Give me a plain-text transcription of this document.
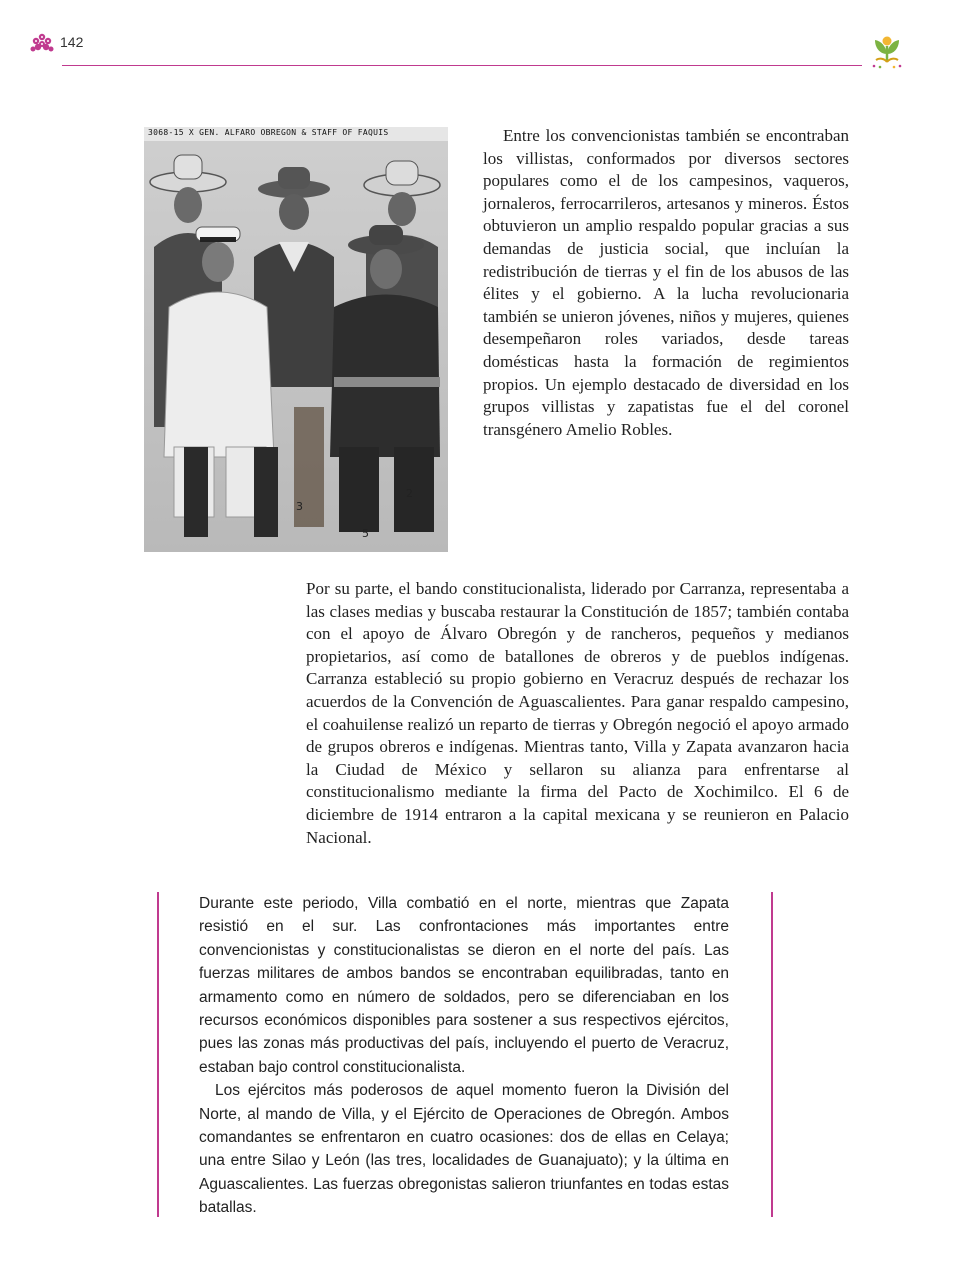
142
3
5
2
3068-15 X GEN. ALFARO OBREGON & STAFF OF FAQUIS	Entre los convencionistas también se encontraban los villistas, conformados por diversos sectores populares como el de los campesinos, vaqueros, jornaleros, ferrocarrileros, artesanos y mineros. Éstos obtuvieron un amplio respaldo popular gracias a sus demandas de justicia social, que incluían la redistribución de tierras y el fin de los abusos de las élites y el gobierno. A la lucha revolucionaria también se unieron jóvenes, niños y mujeres, quienes desempeñaron roles variados, desde tareas domésticas hasta la formación de regimientos propios. Un ejemplo destacado de diversidad en los grupos villistas y zapatistas fue el del coronel transgénero Amelio Robles.

Por su parte, el bando constitucionalista, liderado por Carranza, representaba a las clases medias y buscaba restaurar la Constitución de 1857; también contaba con el apoyo de Álvaro Obregón y de rancheros, pequeños y medianos propietarios, así como de batallones de obreros y de pueblos indígenas. Carranza estableció su propio gobierno en Veracruz después de rechazar los acuerdos de la Convención de Aguascalientes. Para ganar respaldo campesino, el coahuilense realizó un reparto de tierras y Obregón negoció el apoyo armado de grupos obreros e indígenas. Mientras tanto, Villa y Zapata avanzaron hacia la Ciudad de México y sellaron su alianza para enfrentarse al constitucionalismo mediante la firma del Pacto de Xochimilco. El 6 de diciembre de 1914 entraron a la capital mexicana y se reunieron en Palacio Nacional.

Durante este periodo, Villa combatió en el norte, mientras que Zapata resistió en el sur. Las confrontaciones más importantes entre convencionistas y constitucionalistas se dieron en el norte del país. Las fuerzas militares de ambos bandos se encontraban equilibradas, tanto en armamento como en número de soldados, pero se diferenciaban en los recursos económicos disponibles para sostener a sus respectivos ejércitos, pues las zonas más productivas del país, incluyendo el puerto de Veracruz, estaban bajo control constitucionalista.

Los ejércitos más poderosos de aquel momento fueron la División del Norte, al mando de Villa, y el Ejército de Operaciones de Obregón. Ambos comandantes se enfrentaron en cuatro ocasiones: dos de ellas en Celaya; una entre Silao y León (las tres, localidades de Guanajuato); y la última en Aguascalientes. Las fuerzas obregonistas salieron triunfantes en todas estas batallas.
